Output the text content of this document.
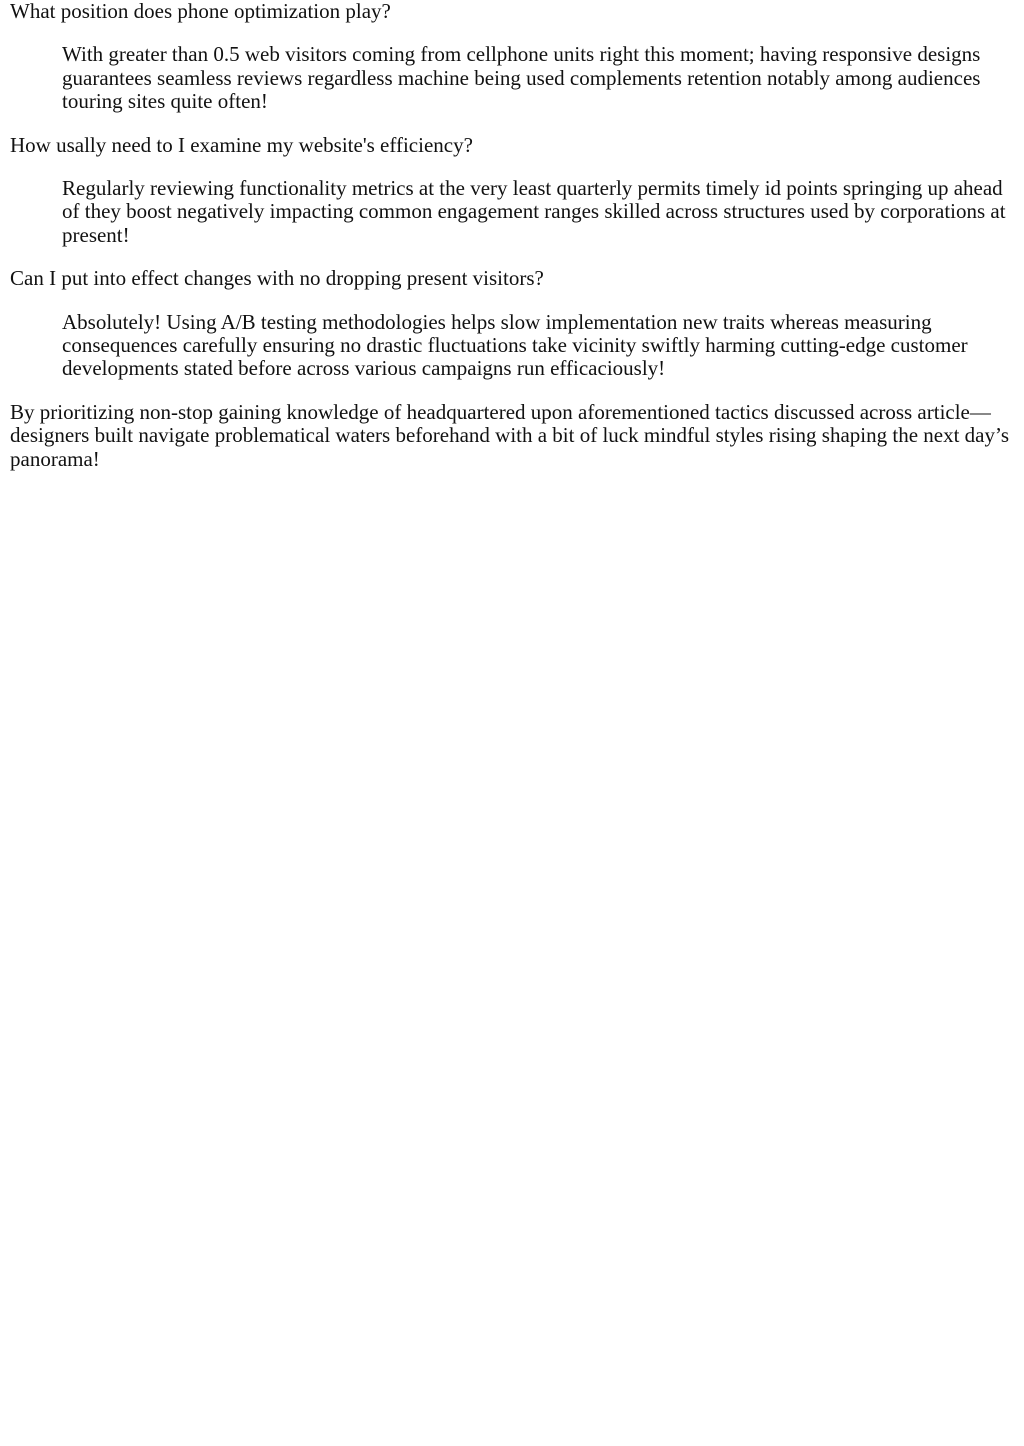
What position does phone optimization play?
With greater than 0.5 web visitors coming from cellphone units right this moment; having responsive designs guarantees seamless reviews regardless machine being used complements retention notably among audiences touring sites quite often!
How usally need to I examine my website's efficiency?
Regularly reviewing functionality metrics at the very least quarterly permits timely id points springing up ahead of they boost negatively impacting common engagement ranges skilled across structures used by corporations at present!
Can I put into effect changes with no dropping present visitors?
Absolutely! Using A/B testing methodologies helps slow implementation new traits whereas measuring consequences carefully ensuring no drastic fluctuations take vicinity swiftly harming cutting-edge customer developments stated before across various campaigns run efficaciously!

By prioritizing non-stop gaining knowledge of headquartered upon aforementioned tactics discussed across article—designers built navigate problematical waters beforehand with a bit of luck mindful styles rising shaping the next day’s panorama!
